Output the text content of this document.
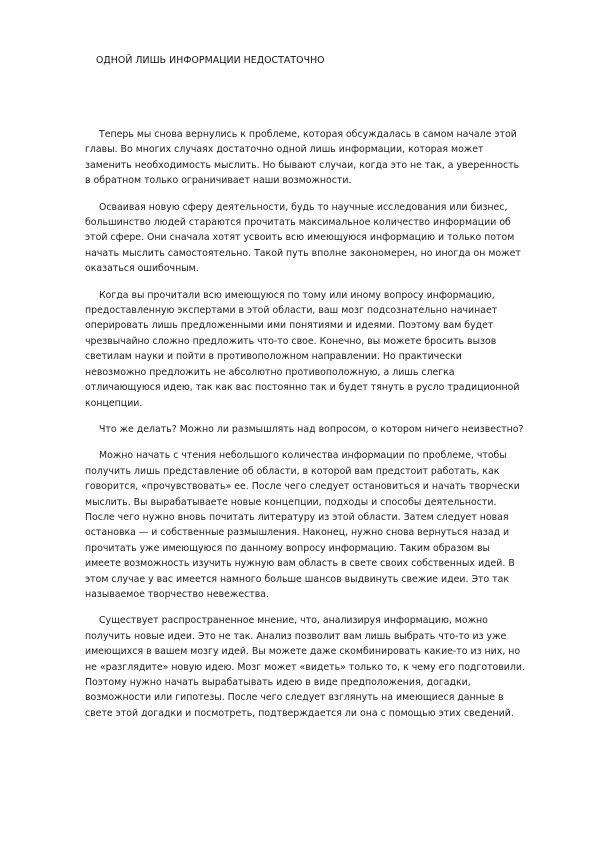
ОДНОЙ ЛИШЬ ИНФОРМАЦИИ НЕДОСТАТОЧНО

Теперь мы снова вернулись к проблеме, которая обсуждалась в самом начале этой главы. Во многих случаях достаточно одной лишь информации, которая может заменить необходимость мыслить. Но бывают случаи, когда это не так, а уверенность в обратном только ограничивает наши возможности.

Осваивая новую сферу деятельности, будь то научные исследования или бизнес, большинство людей стараются прочитать максимальное количество информации об этой сфере. Они сначала хотят усвоить всю имеющуюся информацию и только потом начать мыслить самостоятельно. Такой путь вполне закономерен, но иногда он может оказаться ошибочным.

Когда вы прочитали всю имеющуюся по тому или иному вопросу информацию, предоставленную экспертами в этой области, ваш мозг подсознательно начинает оперировать лишь предложенными ими понятиями и идеями. Поэтому вам будет чрезвычайно сложно предложить что-то свое. Конечно, вы можете бросить вызов светилам науки и пойти в противоположном направлении. Но практически невозможно предложить не абсолютно противоположную, а лишь слегка отличающуюся идею, так как вас постоянно так и будет тянуть в русло традиционной концепции.

Что же делать? Можно ли размышлять над вопросом, о котором ничего неизвестно?

Можно начать с чтения небольшого количества информации по проблеме, чтобы получить лишь представление об области, в которой вам предстоит работать, как говорится, «прочувствовать» ее. После чего следует остановиться и начать творчески мыслить. Вы вырабатываете новые концепции, подходы и способы деятельности. После чего нужно вновь почитать литературу из этой области. Затем следует новая остановка — и собственные размышления. Наконец, нужно снова вернуться назад и прочитать уже имеющуюся по данному вопросу информацию. Таким образом вы имеете возможность изучить нужную вам область в свете своих собственных идей. В этом случае у вас имеется намного больше шансов выдвинуть свежие идеи. Это так называемое творчество невежества.

Существует распространенное мнение, что, анализируя информацию, можно получить новые идеи. Это не так. Анализ позволит вам лишь выбрать что-то из уже имеющихся в вашем мозгу идей. Вы можете даже скомбинировать какие-то из них, но не «разглядите» новую идею. Мозг может «видеть» только то, к чему его подготовили. Поэтому нужно начать вырабатывать идею в виде предположения, догадки, возможности или гипотезы. После чего следует взглянуть на имеющиеся данные в свете этой догадки и посмотреть, подтверждается ли она с помощью этих сведений.
